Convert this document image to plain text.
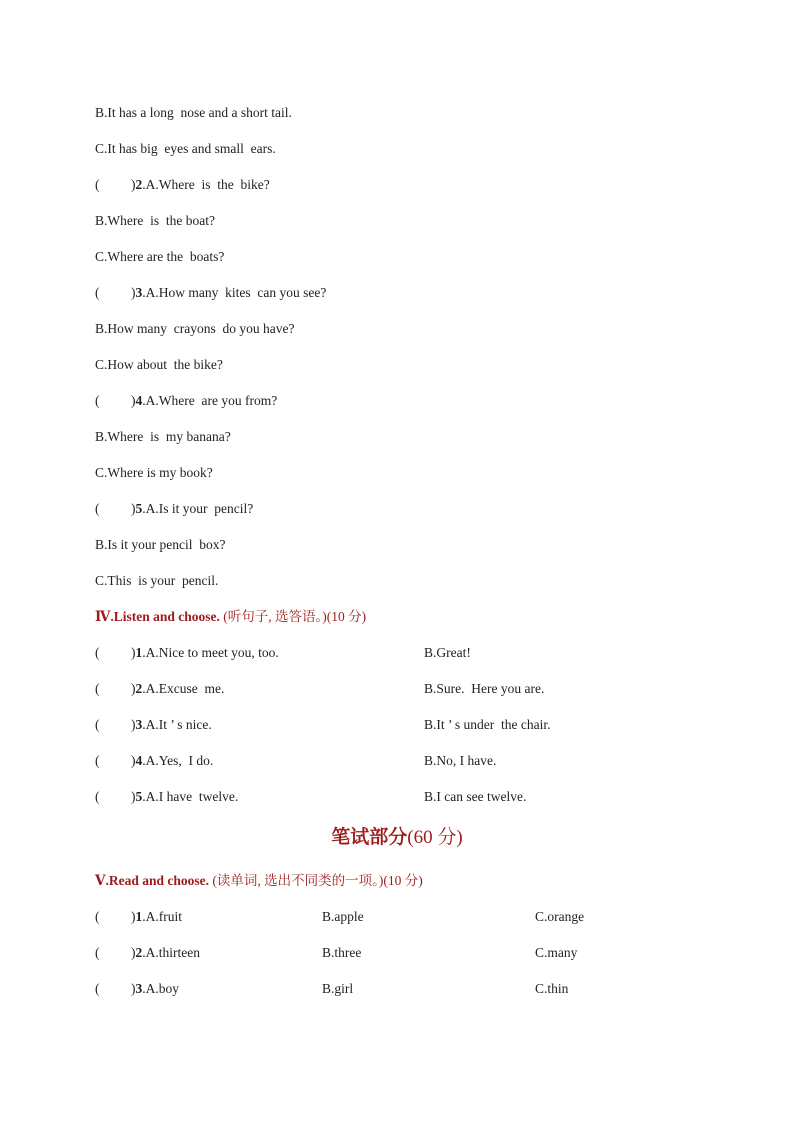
B.It has a long  nose and a short tail.
C.It has big  eyes and small  ears.
( )2.A.Where  is  the  bike?
B.Where  is  the boat?
C.Where are the  boats?
( )3.A.How many  kites  can you see?
B.How many  crayons  do you have?
C.How about  the bike?
( )4.A.Where  are you from?
B.Where  is  my banana?
C.Where is my book?
( )5.A.Is it your  pencil?
B.Is it your pencil  box?
C.This  is your  pencil.
Ⅳ.Listen and choose. (听句子, 选答语。)(10 分)
( )1.A.Nice to meet you, too.	B.Great!
( )2.A.Excuse  me.	B.Sure.  Here you are.
( )3.A.It ’ s nice.	B.It ’ s under  the chair.
( )4.A.Yes,  I do.	B.No, I have.
( )5.A.I have  twelve.	B.I can see twelve.
笔试部分(60 分)
Ⅴ.Read and choose. (读单词, 选出不同类的一项。)(10 分)
( )1.A.fruit	B.apple	C.orange
( )2.A.thirteen	B.three	C.many
( )3.A.boy	B.girl	C.thin
